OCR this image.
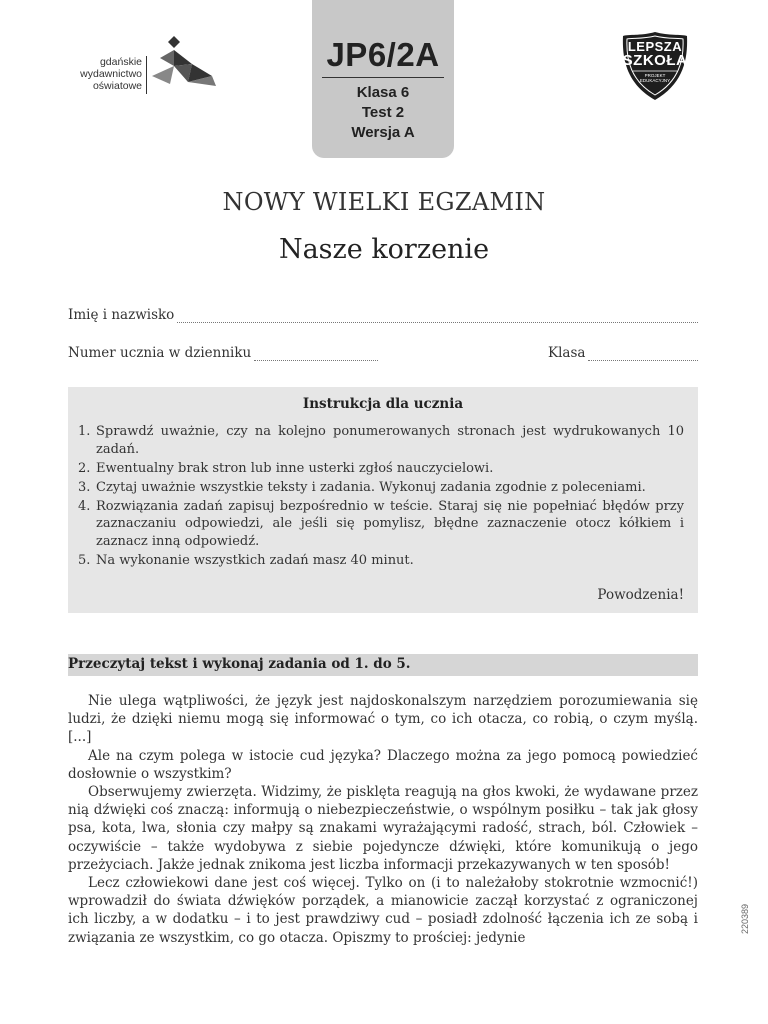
gdańskie
wydawnictwo
oświatowe
JP6/2A
Klasa 6
Test 2
Wersja A
LEPSZA
SZKOŁA
PROJEKT
EDUKACYJNY
NOWY WIELKI EGZAMIN
Nasze korzenie
Imię i nazwisko
Numer ucznia w dzienniku	Klasa
Instrukcja dla ucznia
1. Sprawdź uważnie, czy na kolejno ponumerowanych stronach jest wydrukowanych 10 zadań.
2. Ewentualny brak stron lub inne usterki zgłoś nauczycielowi.
3. Czytaj uważnie wszystkie teksty i zadania. Wykonuj zadania zgodnie z poleceniami.
4. Rozwiązania zadań zapisuj bezpośrednio w teście. Staraj się nie popełniać błędów przy zaznaczaniu odpowiedzi, ale jeśli się pomylisz, błędne zaznaczenie otocz kółkiem i zaznacz inną odpowiedź.
5. Na wykonanie wszystkich zadań masz 40 minut.
Powodzenia!
Przeczytaj tekst i wykonaj zadania od 1. do 5.

Nie ulega wątpliwości, że język jest najdoskonalszym narzędziem porozumiewania się ludzi, że dzięki niemu mogą się informować o tym, co ich otacza, co robią, o czym myślą. [...]

Ale na czym polega w istocie cud języka? Dlaczego można za jego pomocą powiedzieć dosłownie o wszystkim?

Obserwujemy zwierzęta. Widzimy, że pisklęta reagują na głos kwoki, że wydawane przez nią dźwięki coś znaczą: informują o niebezpieczeństwie, o wspólnym posiłku – tak jak głosy psa, kota, lwa, słonia czy małpy są znakami wyrażającymi radość, strach, ból. Człowiek – oczywiście – także wydobywa z siebie pojedyncze dźwięki, które komunikują o jego przeżyciach. Jakże jednak znikoma jest liczba informacji przekazywanych w ten sposób!

Lecz człowiekowi dane jest coś więcej. Tylko on (i to należałoby stokrotnie wzmocnić!) wprowadził do świata dźwięków porządek, a mianowicie zaczął korzystać z ograniczonej ich liczby, a w dodatku – i to jest prawdziwy cud – posiadł zdolność łączenia ich ze sobą i związania ze wszystkim, co go otacza. Opiszmy to prościej: jedynie

220389
